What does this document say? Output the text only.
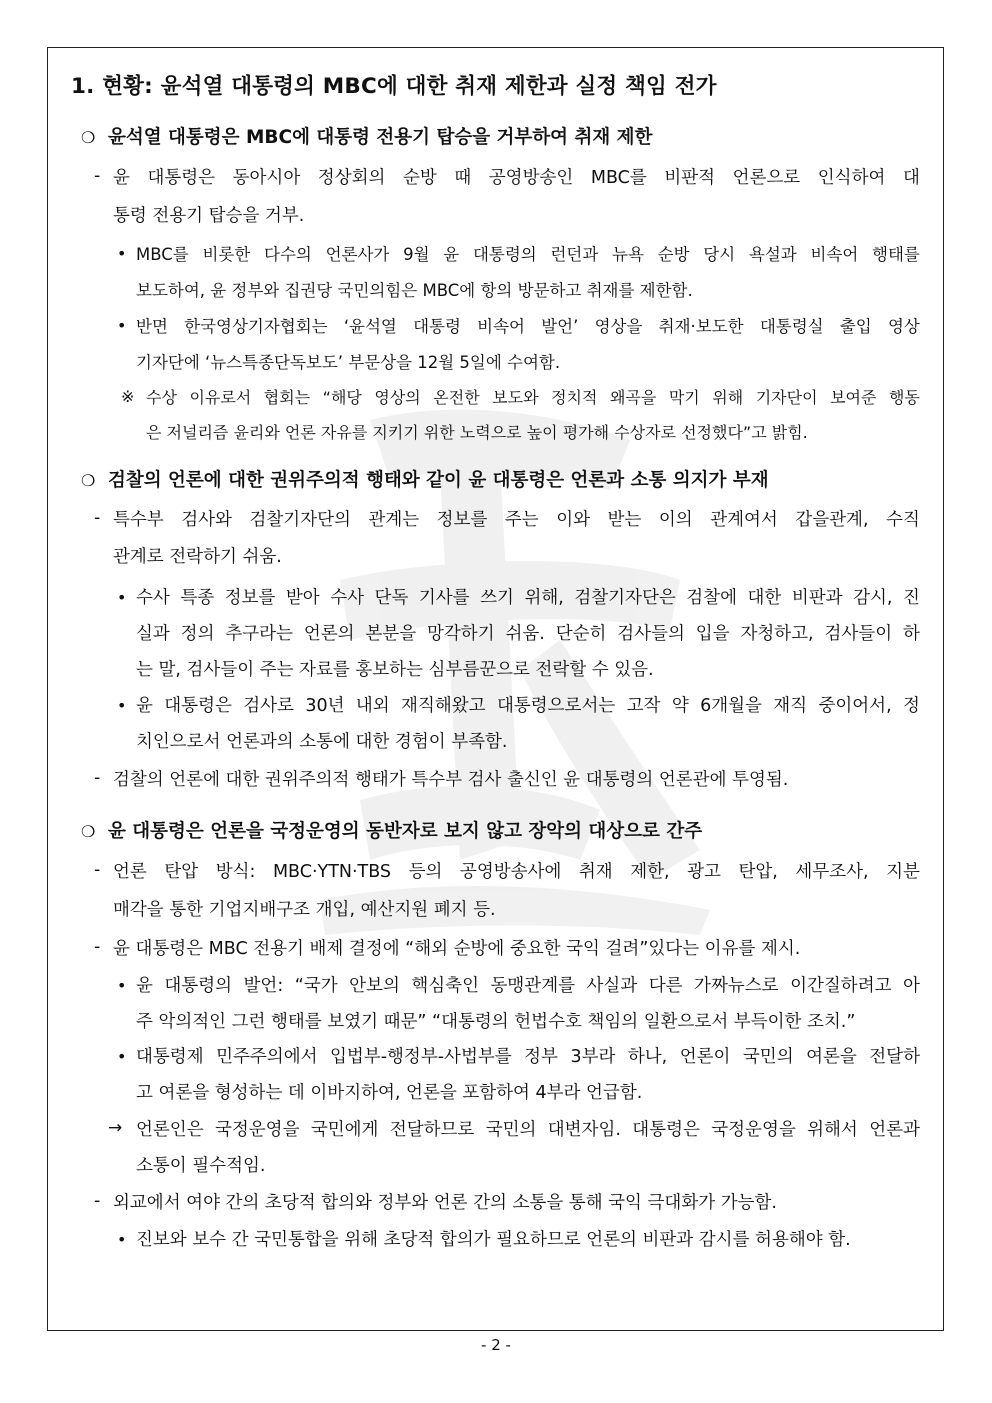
1. 현황: 윤석열 대통령의 MBC에 대한 취재 제한과 실정 책임 전가
❍ 윤석열 대통령은 MBC에 대통령 전용기 탑승을 거부하여 취재 제한
- 윤 대통령은 동아시아 정상회의 순방 때 공영방송인 MBC를 비판적 언론으로 인식하여 대
통령 전용기 탑승을 거부.
• MBC를 비롯한 다수의 언론사가 9월 윤 대통령의 런던과 뉴욕 순방 당시 욕설과 비속어 행태를
보도하여, 윤 정부와 집권당 국민의힘은 MBC에 항의 방문하고 취재를 제한함.
• 반면 한국영상기자협회는 ‘윤석열 대통령 비속어 발언’ 영상을 취재·보도한 대통령실 출입 영상
기자단에 ‘뉴스특종단독보도’ 부문상을 12월 5일에 수여함.
※ 수상 이유로서 협회는 “해당 영상의 온전한 보도와 정치적 왜곡을 막기 위해 기자단이 보여준 행동
은 저널리즘 윤리와 언론 자유를 지키기 위한 노력으로 높이 평가해 수상자로 선정했다”고 밝힘.
❍ 검찰의 언론에 대한 권위주의적 행태와 같이 윤 대통령은 언론과 소통 의지가 부재
- 특수부 검사와 검찰기자단의 관계는 정보를 주는 이와 받는 이의 관계여서 갑을관계, 수직
관계로 전락하기 쉬움.
• 수사 특종 정보를 받아 수사 단독 기사를 쓰기 위해, 검찰기자단은 검찰에 대한 비판과 감시, 진
실과 정의 추구라는 언론의 본분을 망각하기 쉬움. 단순히 검사들의 입을 자청하고, 검사들이 하
는 말, 검사들이 주는 자료를 홍보하는 심부름꾼으로 전락할 수 있음.
• 윤 대통령은 검사로 30년 내외 재직해왔고 대통령으로서는 고작 약 6개월을 재직 중이어서, 정
치인으로서 언론과의 소통에 대한 경험이 부족함.
- 검찰의 언론에 대한 권위주의적 행태가 특수부 검사 출신인 윤 대통령의 언론관에 투영됨.
❍ 윤 대통령은 언론을 국정운영의 동반자로 보지 않고 장악의 대상으로 간주
- 언론 탄압 방식: MBC·YTN·TBS 등의 공영방송사에 취재 제한, 광고 탄압, 세무조사, 지분
매각을 통한 기업지배구조 개입, 예산지원 폐지 등.
- 윤 대통령은 MBC 전용기 배제 결정에 “해외 순방에 중요한 국익 걸려”있다는 이유를 제시.
• 윤 대통령의 발언: “국가 안보의 핵심축인 동맹관계를 사실과 다른 가짜뉴스로 이간질하려고 아
주 악의적인 그런 행태를 보였기 때문” “대통령의 헌법수호 책임의 일환으로서 부득이한 조치.”
• 대통령제 민주주의에서 입법부-행정부-사법부를 정부 3부라 하나, 언론이 국민의 여론을 전달하
고 여론을 형성하는 데 이바지하여, 언론을 포함하여 4부라 언급함.
→ 언론인은 국정운영을 국민에게 전달하므로 국민의 대변자임. 대통령은 국정운영을 위해서 언론과
소통이 필수적임.
- 외교에서 여야 간의 초당적 합의와 정부와 언론 간의 소통을 통해 국익 극대화가 가능함.
• 진보와 보수 간 국민통합을 위해 초당적 합의가 필요하므로 언론의 비판과 감시를 허용해야 함.
- 2 -
